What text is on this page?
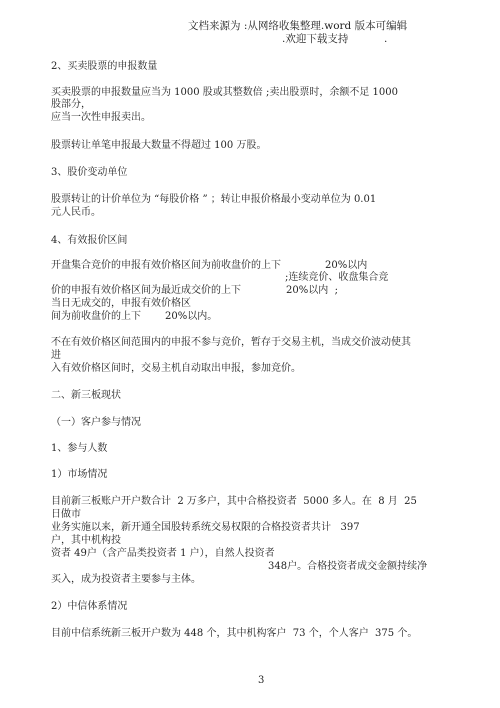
文档来源为 :从网络收集整理.word 版本可编辑
.欢迎下载支持	.
2、买卖股票的申报数量
买卖股票的申报数量应当为 1000 股或其整数倍 ;卖出股票时，余额不足 1000
股部分，
应当一次性申报卖出。
股票转让单笔申报最大数量不得超过 100 万股。
3、股价变动单位
股票转让的计价单位为 “每股价格 ” ；转让申报价格最小变动单位为 0.01
元人民币。
4、有效报价区间
开盘集合竞价的申报有效价格区间为前收盘价的上下	20%以内
;连续竞价、收盘集合竞
价的申报有效价格区间为最近成交价的上下	20%以内  ;
当日无成交的，申报有效价格区
间为前收盘价的上下 20%以内。
不在有效价格区间范围内的申报不参与竞价，暂存于交易主机，当成交价波动使其
进
入有效价格区间时，交易主机自动取出申报，参加竞价。
二、新三板现状
（一）客户参与情况
1、参与人数
1）市场情况
目前新三板账户开户数合计  2 万多户，其中合格投资者  5000 多人。在  8 月  25
日做市
业务实施以来，新开通全国股转系统交易权限的合格投资者共计   397
户，其中机构投
资者 49户（含产品类投资者 1 户），自然人投资者
348户。合格投资者成交金额持续净
买入，成为投资者主要参与主体。
2）中信体系情况
目前中信系统新三板开户数为 448 个，其中机构客户  73 个，个人客户  375 个。
3
